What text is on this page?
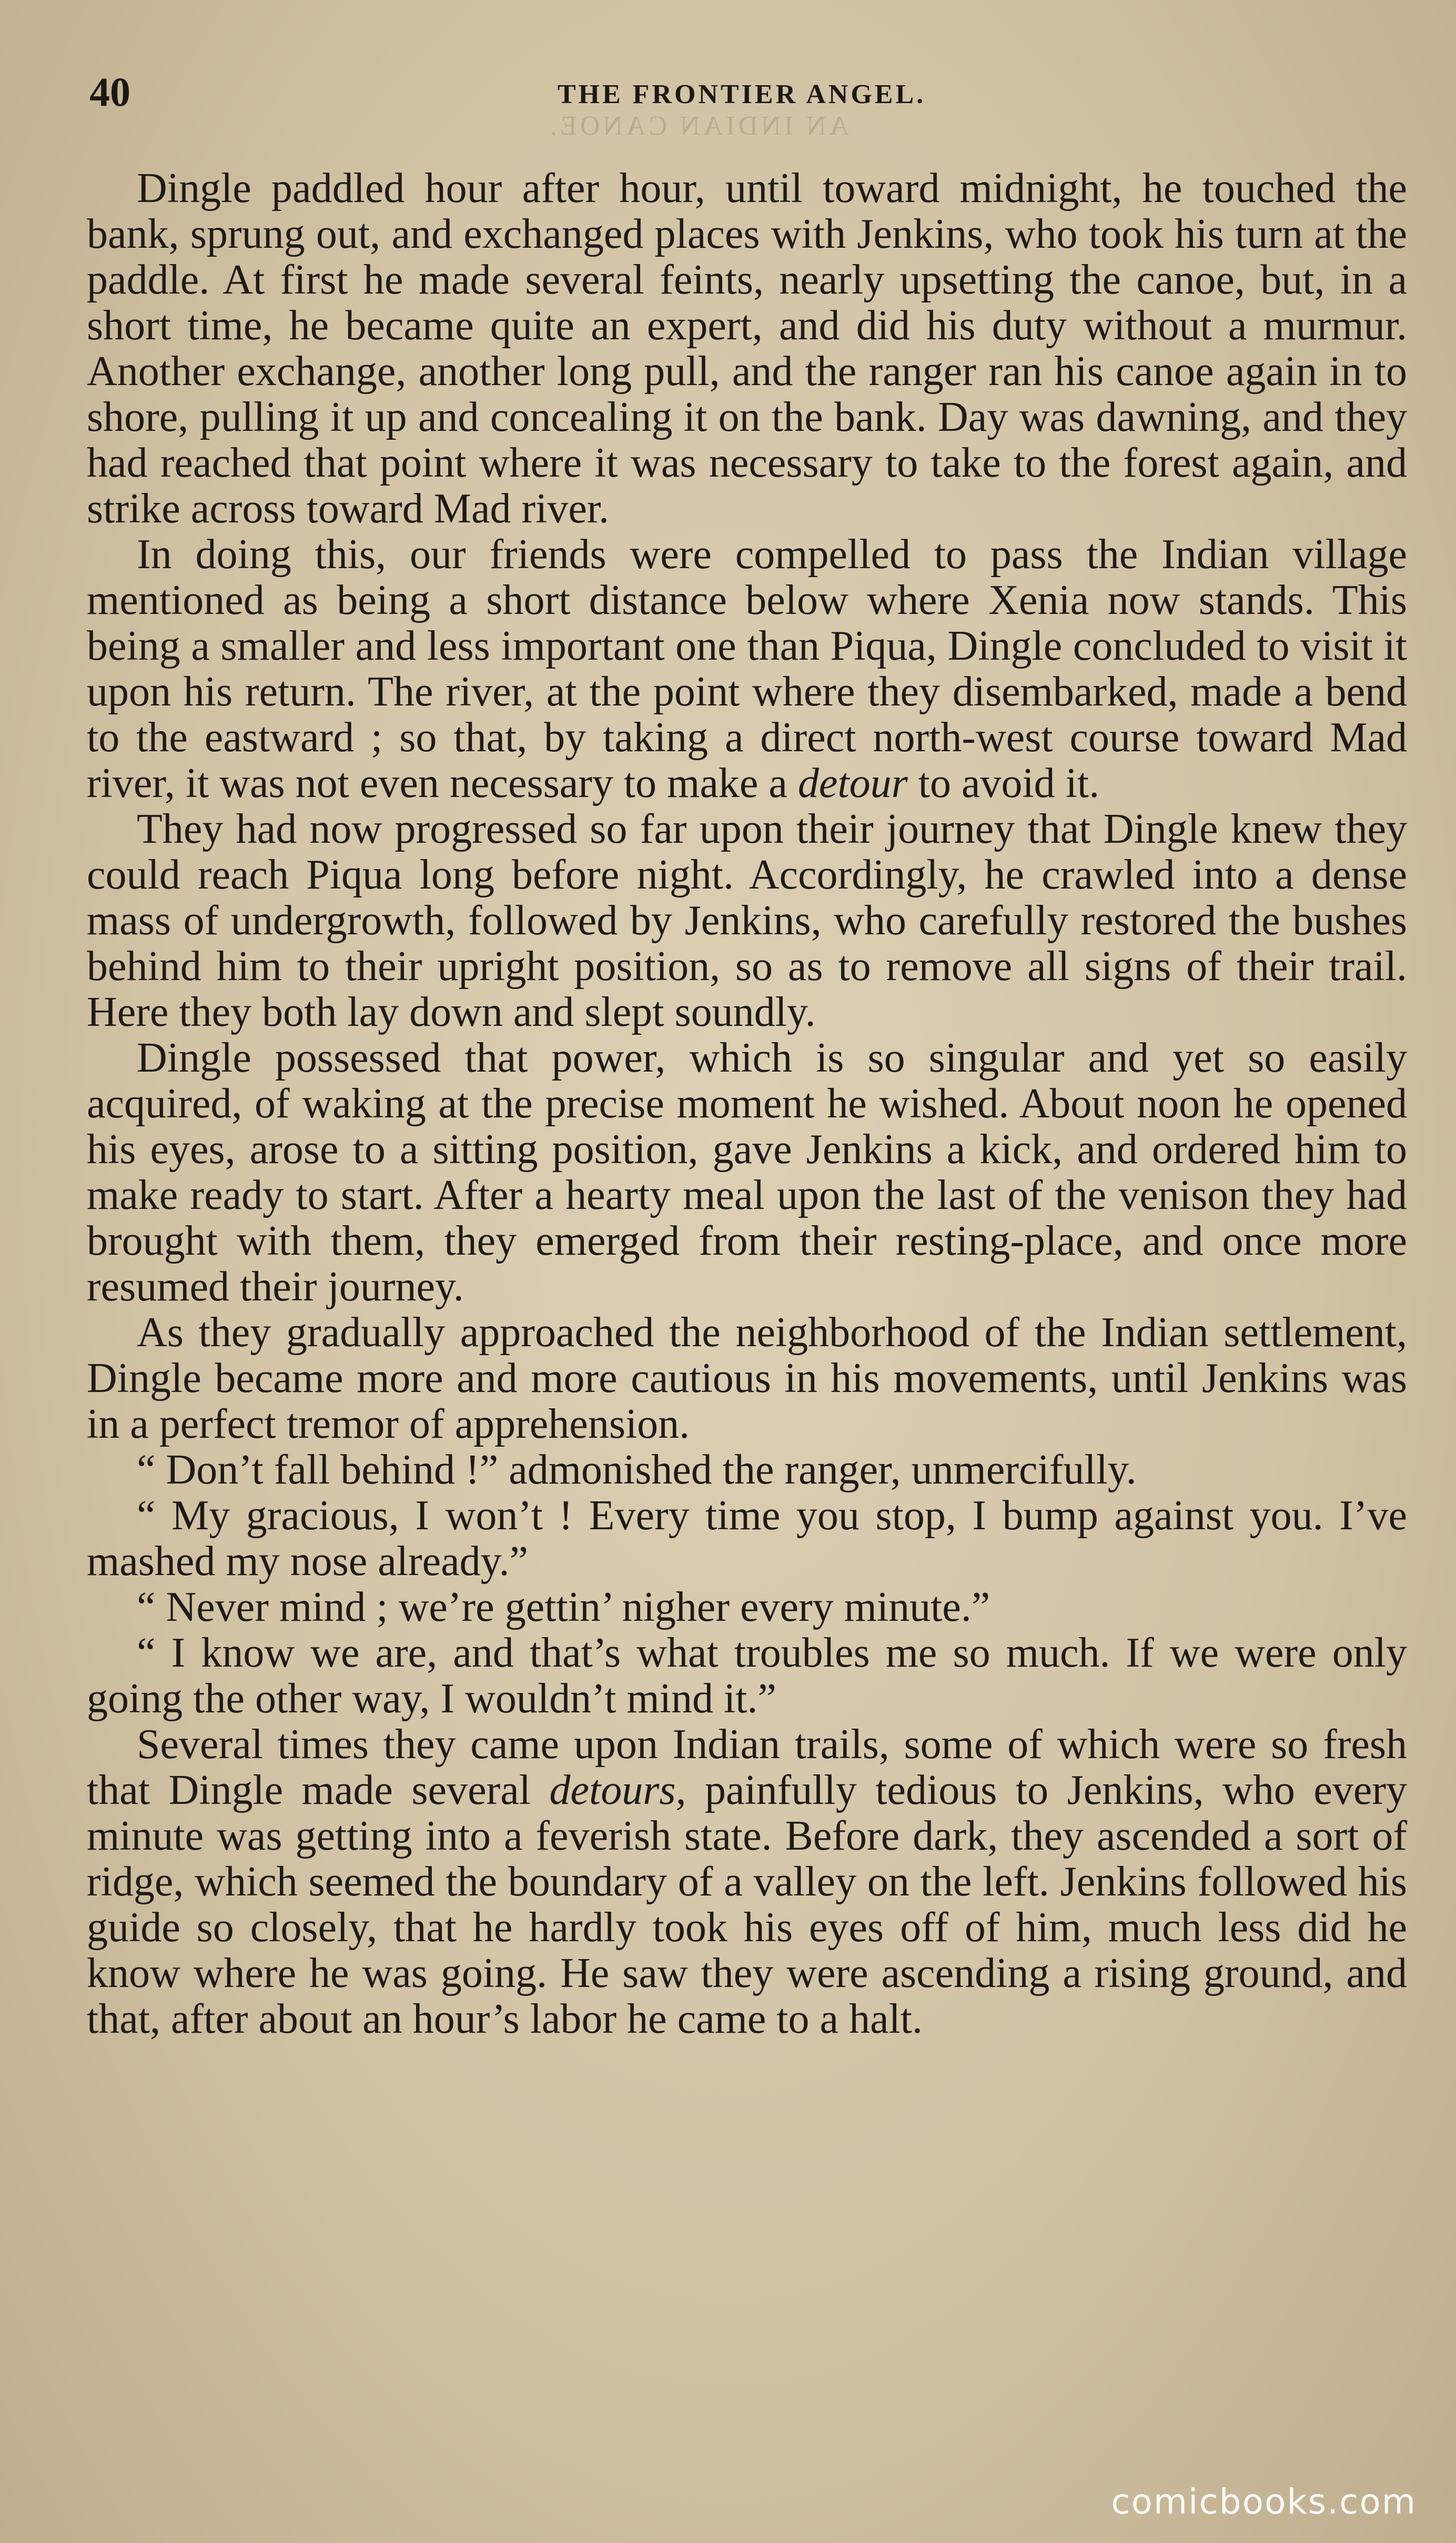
AN INDIAN CANOE.
40	THE FRONTIER ANGEL.

Dingle paddled hour after hour, until toward midnight, he touched the bank, sprung out, and exchanged places with Jenkins, who took his turn at the paddle. At first he made several feints, nearly upsetting the canoe, but, in a short time, he became quite an expert, and did his duty without a murmur. Another exchange, another long pull, and the ranger ran his canoe again in to shore, pulling it up and concealing it on the bank. Day was dawning, and they had reached that point where it was necessary to take to the forest again, and strike across toward Mad river.

In doing this, our friends were compelled to pass the Indian village mentioned as being a short distance below where Xenia now stands. This being a smaller and less important one than Piqua, Dingle concluded to visit it upon his return. The river, at the point where they disembarked, made a bend to the eastward ; so that, by taking a direct north-west course toward Mad river, it was not even necessary to make a detour to avoid it.

They had now progressed so far upon their journey that Dingle knew they could reach Piqua long before night. Accordingly, he crawled into a dense mass of undergrowth, followed by Jenkins, who carefully restored the bushes behind him to their upright position, so as to remove all signs of their trail. Here they both lay down and slept soundly.

Dingle possessed that power, which is so singular and yet so easily acquired, of waking at the precise moment he wished. About noon he opened his eyes, arose to a sitting position, gave Jenkins a kick, and ordered him to make ready to start. After a hearty meal upon the last of the venison they had brought with them, they emerged from their resting-place, and once more resumed their journey.

As they gradually approached the neighborhood of the Indian settlement, Dingle became more and more cautious in his movements, until Jenkins was in a perfect tremor of apprehension.

“ Don’t fall behind !” admonished the ranger, unmercifully.

“ My gracious, I won’t ! Every time you stop, I bump against you. I’ve mashed my nose already.”

“ Never mind ; we’re gettin’ nigher every minute.”

“ I know we are, and that’s what troubles me so much. If we were only going the other way, I wouldn’t mind it.”

Several times they came upon Indian trails, some of which were so fresh that Dingle made several detours, painfully tedious to Jenkins, who every minute was getting into a feverish state. Before dark, they ascended a sort of ridge, which seemed the boundary of a valley on the left. Jenkins followed his guide so closely, that he hardly took his eyes off of him, much less did he know where he was going. He saw they were ascending a rising ground, and that, after about an hour’s labor he came to a halt.

comicbooks.com
